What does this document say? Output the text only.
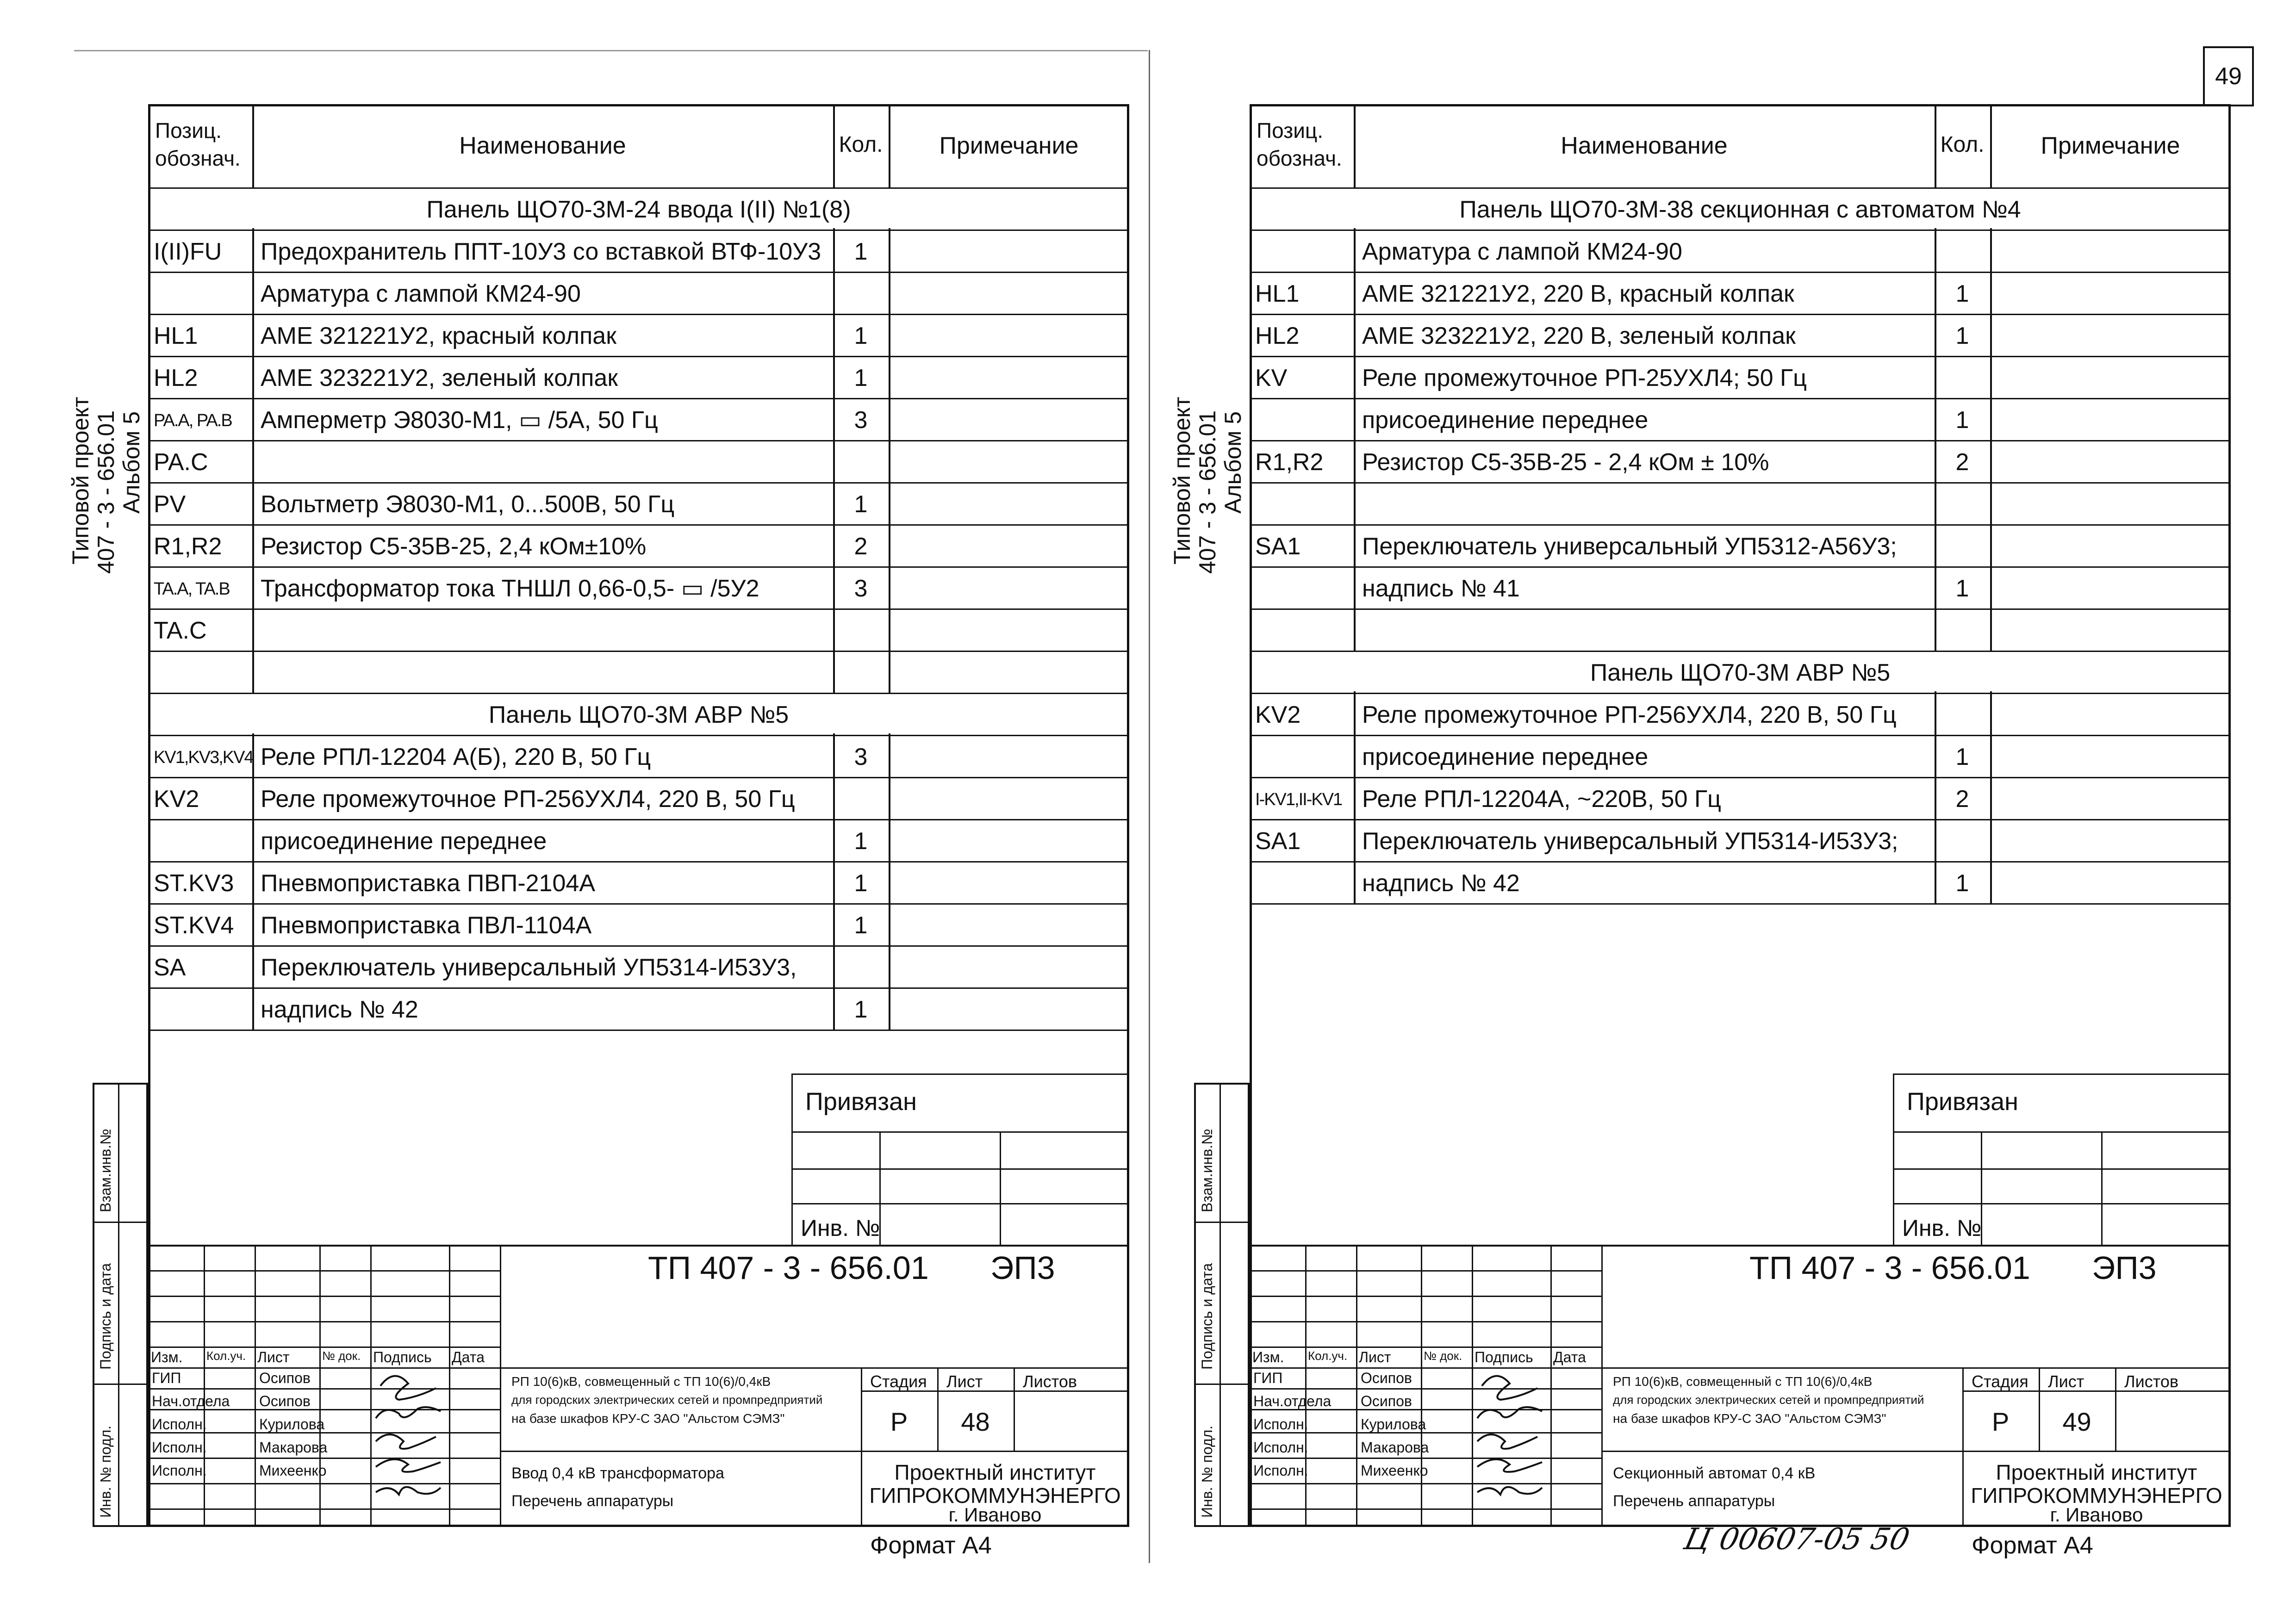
49
Типовой проект 407 - 3 - 656.01 Альбом 5
Позиц.
обознач.	Наименование	Кол.	Примечание
Панель ЩО70-3М-24 ввода I(II) №1(8)
I(II)FU Предохранитель ППТ-10У3 со вставкой ВТФ-10У3	1
Арматура с лампой КМ24-90
HL1	АМЕ 321221У2, красный колпак	1
HL2	АМЕ 323221У2, зеленый колпак	1
PA.A, PA.B Амперметр Э8030-М1, ▭ /5А, 50 Гц	3
PA.C
PV	Вольтметр Э8030-М1, 0...500В, 50 Гц	1
R1,R2 Резистор С5-35В-25, 2,4 кОм±10%	2
TA.A, TA.B Трансформатор тока ТНШЛ 0,66-0,5- ▭ /5У2	3
TA.C
Панель ЩО70-3М АВР №5
KV1,KV3,KV4 Реле РПЛ-12204 А(Б), 220 В, 50 Гц	3
KV2	Реле промежуточное РП-256УХЛ4, 220 В, 50 Гц
присоединение переднее	1
ST.KV3 Пневмоприставка ПВП-2104А	1
ST.KV4 Пневмоприставка ПВЛ-1104А	1
SA	Переключатель универсальный УП5314-И53У3,
надпись № 42	1
Привязан
Инв. №
Взам.инв.№
Подпись и дата
Инв. № подл.
ТП 407 - 3 - 656.01 ЭП3
Изм. Кол.уч. Лист	№ док. Подпись Дата
ГИП	Осипов
Нач.отдела Осипов
Исполн.	Курилова
Исполн.	Макарова
Исполн.	Михеенко
РП 10(6)кВ, совмещенный с ТП 10(6)/0,4кВ
для городских электрических сетей и промпредприятий
на базе шкафов КРУ-С ЗАО "Альстом СЭМЗ"
Ввод 0,4 кВ трансформатора
Перечень аппаратуры
Стадия Лист Листов
Р	48
Проектный институт
ГИПРОКОММУНЭНЕРГО
г. Иваново
Формат А4
Типовой проект 407 - 3 - 656.01 Альбом 5
Позиц.
обознач.	Наименование	Кол.	Примечание
Панель ЩО70-3М-38 секционная с автоматом №4
Арматура с лампой КМ24-90
HL1	АМЕ 321221У2, 220 В, красный колпак	1
HL2	АМЕ 323221У2, 220 В, зеленый колпак	1
KV	Реле промежуточное РП-25УХЛ4; 50 Гц
присоединение переднее	1
R1,R2 Резистор С5-35В-25 - 2,4 кОм ± 10%	2
SA1	Переключатель универсальный УП5312-А56У3;
надпись № 41	1
Панель ЩО70-3М АВР №5
KV2	Реле промежуточное РП-256УХЛ4, 220 В, 50 Гц
присоединение переднее	1
I-KV1,II-KV1 Реле РПЛ-12204А, ~220В, 50 Гц	2
SA1	Переключатель универсальный УП5314-И53У3;
надпись № 42	1
Привязан
Инв. №
Взам.инв.№
Подпись и дата
Инв. № подл.
ТП 407 - 3 - 656.01 ЭП3
Изм. Кол.уч. Лист	№ док. Подпись Дата
ГИП	Осипов
Нач.отдела Осипов
Исполн.	Курилова
Исполн.	Макарова
Исполн.	Михеенко
РП 10(6)кВ, совмещенный с ТП 10(6)/0,4кВ
для городских электрических сетей и промпредприятий
на базе шкафов КРУ-С ЗАО "Альстом СЭМЗ"
Секционный автомат 0,4 кВ
Перечень аппаратуры
Стадия Лист Листов
Р	49
Проектный институт
ГИПРОКОММУНЭНЕРГО
г. Иваново
Формат А4
Ц 00607-05 50
